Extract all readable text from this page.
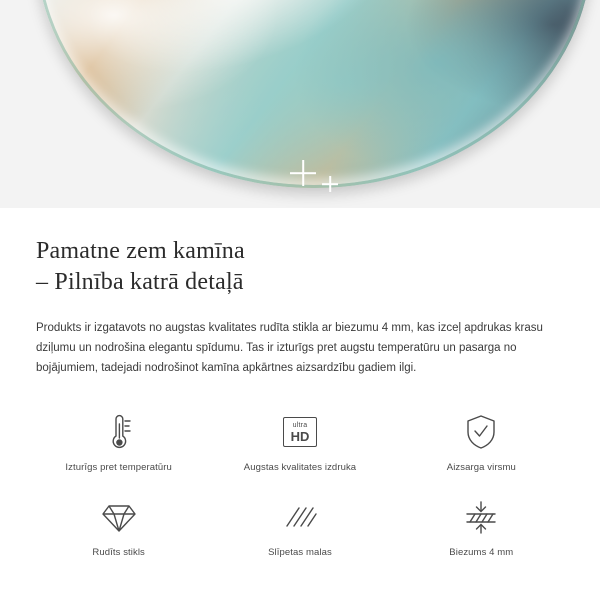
Pamatne zem kamīna
– Pilnība katrā detaļā

Produkts ir izgatavots no augstas kvalitates rudīta stikla ar biezumu 4 mm, kas izceļ apdrukas krasu dziļumu un nodrošina elegantu spīdumu. Tas ir izturīgs pret augstu temperatūru un pasarga no bojājumiem, tadejadi nodrošinot kamīna apkārtnes aizsardzību gadiem ilgi.

Izturīgs pret temperatūru
ultra
HD
Augstas kvalitates izdruka	Aizsarga virsmu
Rudīts stikls	Slīpetas malas	Biezums 4 mm
